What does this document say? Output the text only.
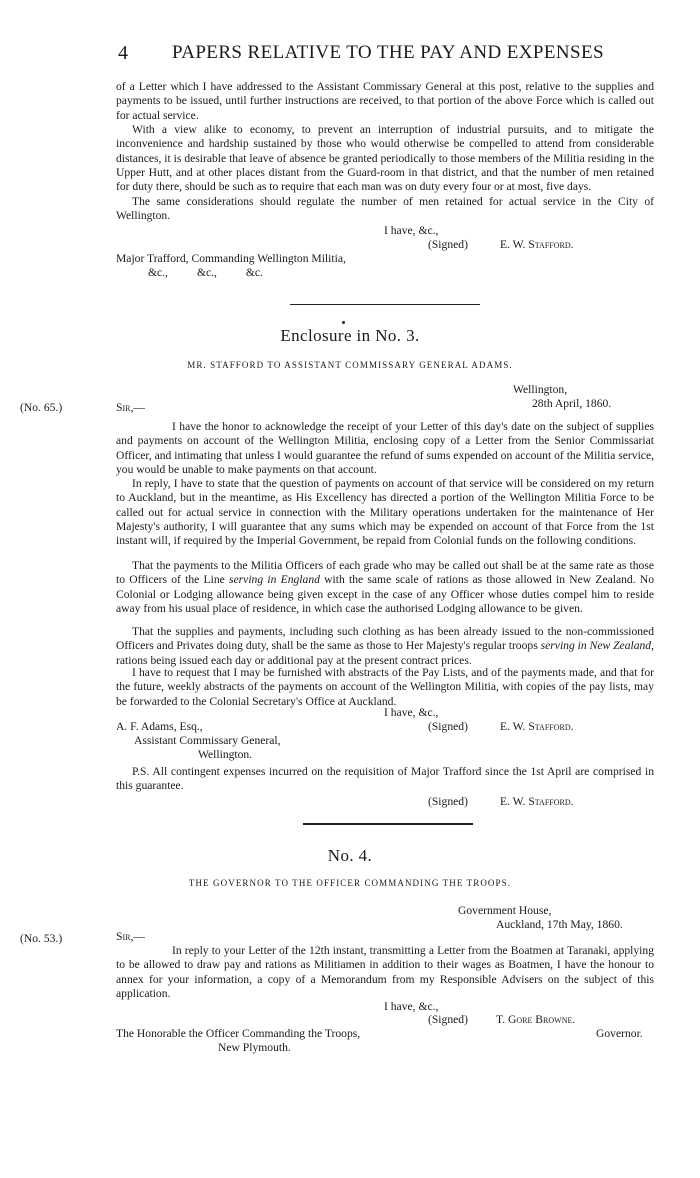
4 PAPERS RELATIVE TO THE PAY AND EXPENSES

of a Letter which I have addressed to the Assistant Commissary General at this post, relative to the supplies and payments to be issued, until further instructions are received, to that portion of the above Force which is called out for actual service.

With a view alike to economy, to prevent an interruption of industrial pursuits, and to mitigate the inconvenience and hardship sustained by those who would otherwise be compelled to attend from considerable distances, it is desirable that leave of absence be granted periodically to those members of the Militia residing in the Upper Hutt, and at other places distant from the Guard-room in that district, and that the number of men retained for duty there, should be such as to require that each man was on duty every four or at most, five days.

The same considerations should regulate the number of men retained for actual service in the City of Wellington.

I have, &c.,

(Signed)	E. W. Stafford.

Major Trafford, Commanding Wellington Militia,

&c.,          &c.,          &c.

Enclosure in No. 3.

MR. STAFFORD TO ASSISTANT COMMISSARY GENERAL ADAMS.

Wellington,

28th April, 1860.

(No. 65.)	Sir,—

I have the honor to acknowledge the receipt of your Letter of this day's date on the subject of supplies and payments on account of the Wellington Militia, enclosing copy of a Letter from the Senior Commissariat Officer, and intimating that unless I would guarantee the refund of sums expended on account of the Militia service, you would be unable to make payments on that account.

In reply, I have to state that the question of payments on account of that service will be considered on my return to Auckland, but in the meantime, as His Excellency has directed a portion of the Wellington Militia Force to be called out for actual service in connection with the Military operations undertaken for the maintenance of Her Majesty's authority, I will guarantee that any sums which may be expended on account of that Force from the 1st instant will, if required by the Imperial Government, be repaid from Colonial funds on the following conditions.

That the payments to the Militia Officers of each grade who may be called out shall be at the same rate as those to Officers of the Line serving in England with the same scale of rations as those allowed in New Zealand. No Colonial or Lodging allowance being given except in the case of any Officer whose duties compel him to reside away from his usual place of residence, in which case the authorised Lodging allowance to be given.

That the supplies and payments, including such clothing as has been already issued to the non-commissioned Officers and Privates doing duty, shall be the same as those to Her Majesty's regular troops serving in New Zealand, rations being issued each day or additional pay at the present contract prices.

I have to request that I may be furnished with abstracts of the Pay Lists, and of the payments made, and that for the future, weekly abstracts of the payments on account of the Wellington Militia, with copies of the pay lists, may be forwarded to the Colonial Secretary's Office at Auckland.

I have, &c.,

A. F. Adams, Esq.,	(Signed)	E. W. Stafford.

Assistant Commissary General,

Wellington.

P.S. All contingent expenses incurred on the requisition of Major Trafford since the 1st April are comprised in this guarantee.

(Signed)	E. W. Stafford.

No. 4.

THE GOVERNOR TO THE OFFICER COMMANDING THE TROOPS.

Government House,

Auckland, 17th May, 1860.

(No. 53.)	Sir,—

In reply to your Letter of the 12th instant, transmitting a Letter from the Boatmen at Taranaki, applying to be allowed to draw pay and rations as Militiamen in addition to their wages as Boatmen, I have the honour to annex for your information, a copy of a Memorandum from my Responsible Advisers on the subject of this application.

I have, &c.,

(Signed) T. Gore Browne.

The Honorable the Officer Commanding the Troops,	Governor.

New Plymouth.
